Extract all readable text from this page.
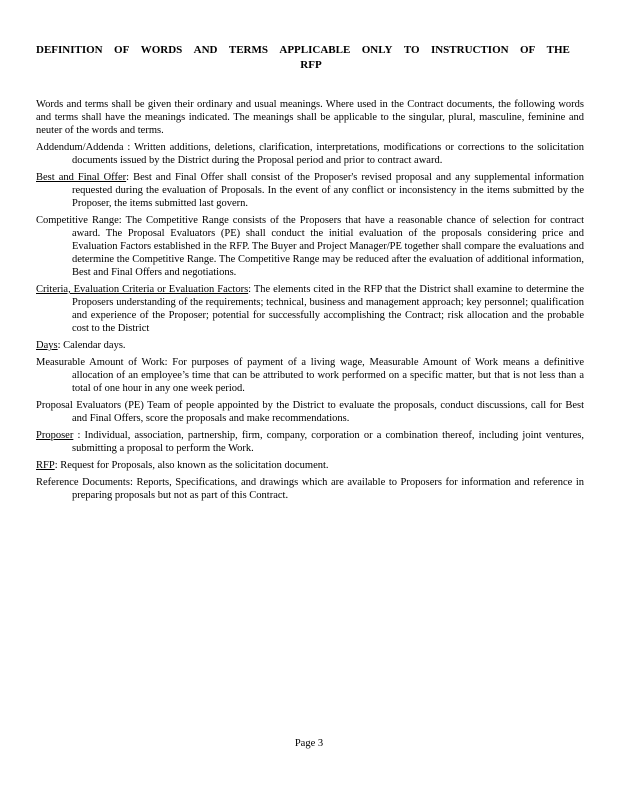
DEFINITION OF WORDS AND TERMS APPLICABLE ONLY TO INSTRUCTION OF THE
RFP

Words and terms shall be given their ordinary and usual meanings. Where used in the Contract documents, the following words and terms shall have the meanings indicated. The meanings shall be applicable to the singular, plural, masculine, feminine and neuter of the words and terms.

Addendum/Addenda : Written additions, deletions, clarification, interpretations, modifications or corrections to the solicitation documents issued by the District during the Proposal period and prior to contract award.

Best and Final Offer: Best and Final Offer shall consist of the Proposer's revised proposal and any supplemental information requested during the evaluation of Proposals. In the event of any conflict or inconsistency in the items submitted by the Proposer, the items submitted last govern.

Competitive Range: The Competitive Range consists of the Proposers that have a reasonable chance of selection for contract award. The Proposal Evaluators (PE) shall conduct the initial evaluation of the proposals considering price and Evaluation Factors established in the RFP. The Buyer and Project Manager/PE together shall compare the evaluations and determine the Competitive Range. The Competitive Range may be reduced after the evaluation of additional information, Best and Final Offers and negotiations.

Criteria, Evaluation Criteria or Evaluation Factors: The elements cited in the RFP that the District shall examine to determine the Proposers understanding of the requirements; technical, business and management approach; key personnel; qualification and experience of the Proposer; potential for successfully accomplishing the Contract; risk allocation and the probable cost to the District

Days: Calendar days.

Measurable Amount of Work: For purposes of payment of a living wage, Measurable Amount of Work means a definitive allocation of an employee’s time that can be attributed to work performed on a specific matter, but that is not less than a total of one hour in any one week period.

Proposal Evaluators (PE) Team of people appointed by the District to evaluate the proposals, conduct discussions, call for Best and Final Offers, score the proposals and make recommendations.

Proposer : Individual, association, partnership, firm, company, corporation or a combination thereof, including joint ventures, submitting a proposal to perform the Work.

RFP: Request for Proposals, also known as the solicitation document.

Reference Documents: Reports, Specifications, and drawings which are available to Proposers for information and reference in preparing proposals but not as part of this Contract.

Page 3
